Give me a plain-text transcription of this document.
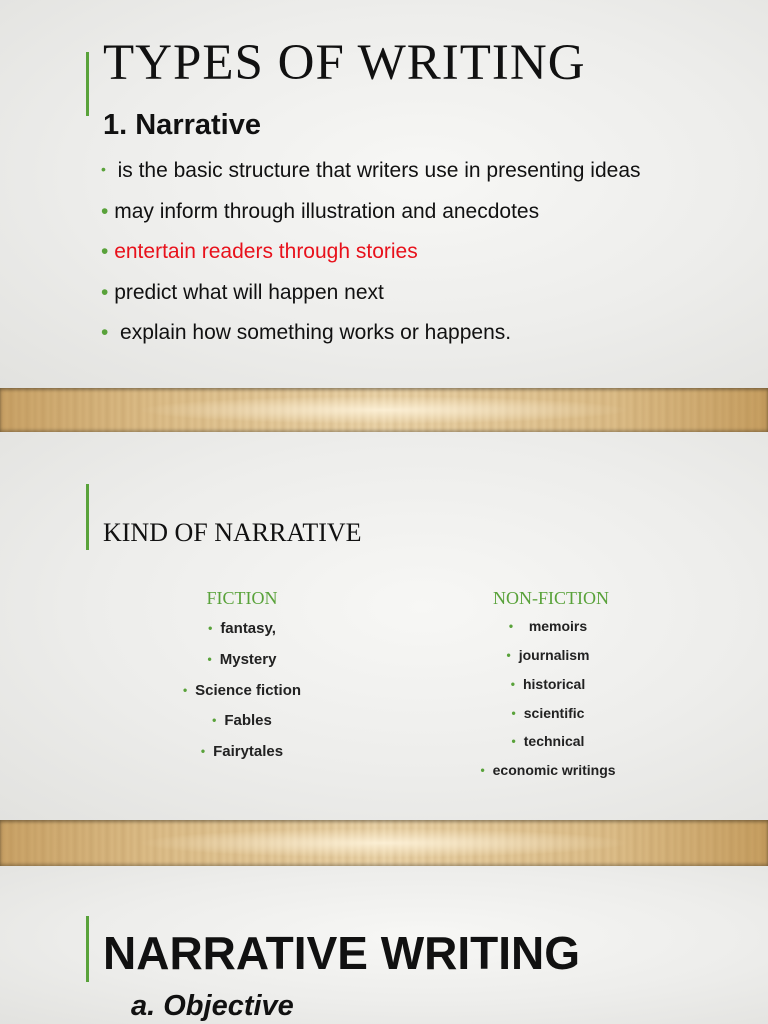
TYPES OF WRITING
1. Narrative
• is the basic structure that writers use in presenting ideas
• may inform through illustration and anecdotes
• entertain readers through stories
• predict what will happen next
• explain how something works or happens.
KIND OF NARRATIVE
FICTION
• fantasy,
• Mystery
• Science fiction
• Fables
• Fairytales
NON-FICTION
• memoirs
• journalism
• historical
• scientific
• technical
• economic writings
NARRATIVE WRITING
a. Objective
